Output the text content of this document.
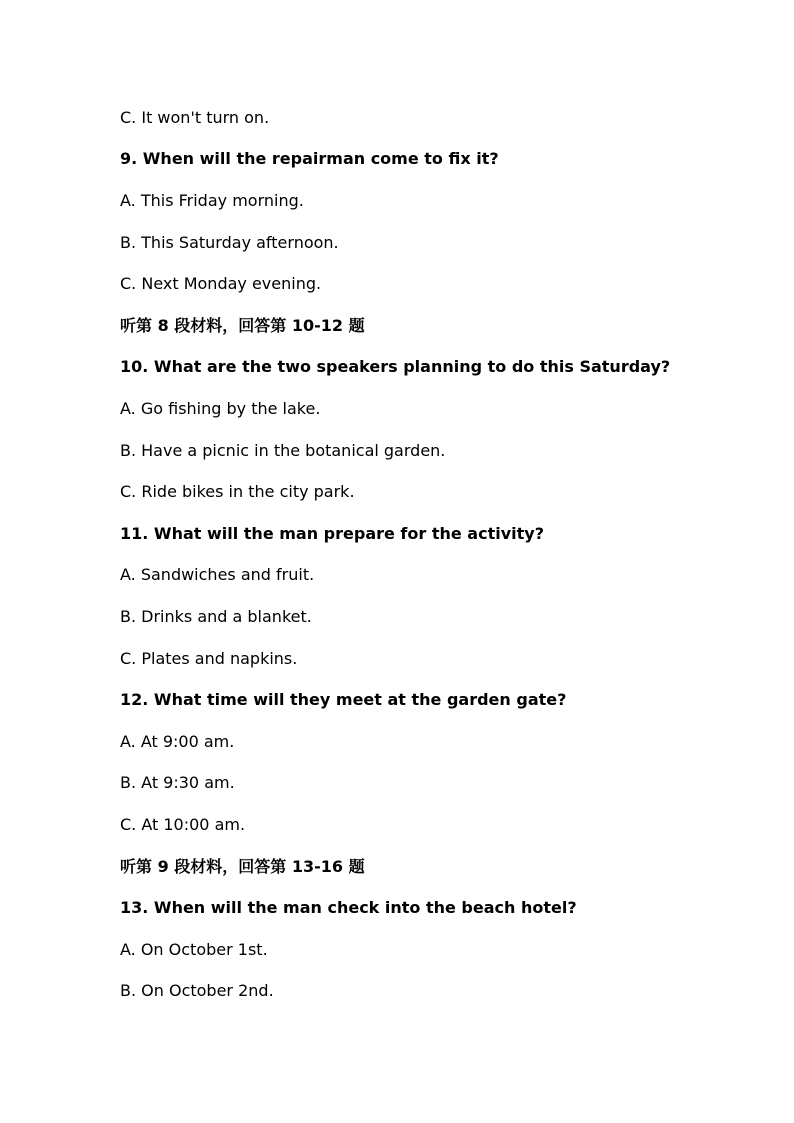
C. It won't turn on.
9. When will the repairman come to fix it?
A. This Friday morning.
B. This Saturday afternoon.
C. Next Monday evening.
听第 8 段材料，回答第 10-12 题
10. What are the two speakers planning to do this Saturday?
A. Go fishing by the lake.
B. Have a picnic in the botanical garden.
C. Ride bikes in the city park.
11. What will the man prepare for the activity?
A. Sandwiches and fruit.
B. Drinks and a blanket.
C. Plates and napkins.
12. What time will they meet at the garden gate?
A. At 9:00 am.
B. At 9:30 am.
C. At 10:00 am.
听第 9 段材料，回答第 13-16 题
13. When will the man check into the beach hotel?
A. On October 1st.
B. On October 2nd.
